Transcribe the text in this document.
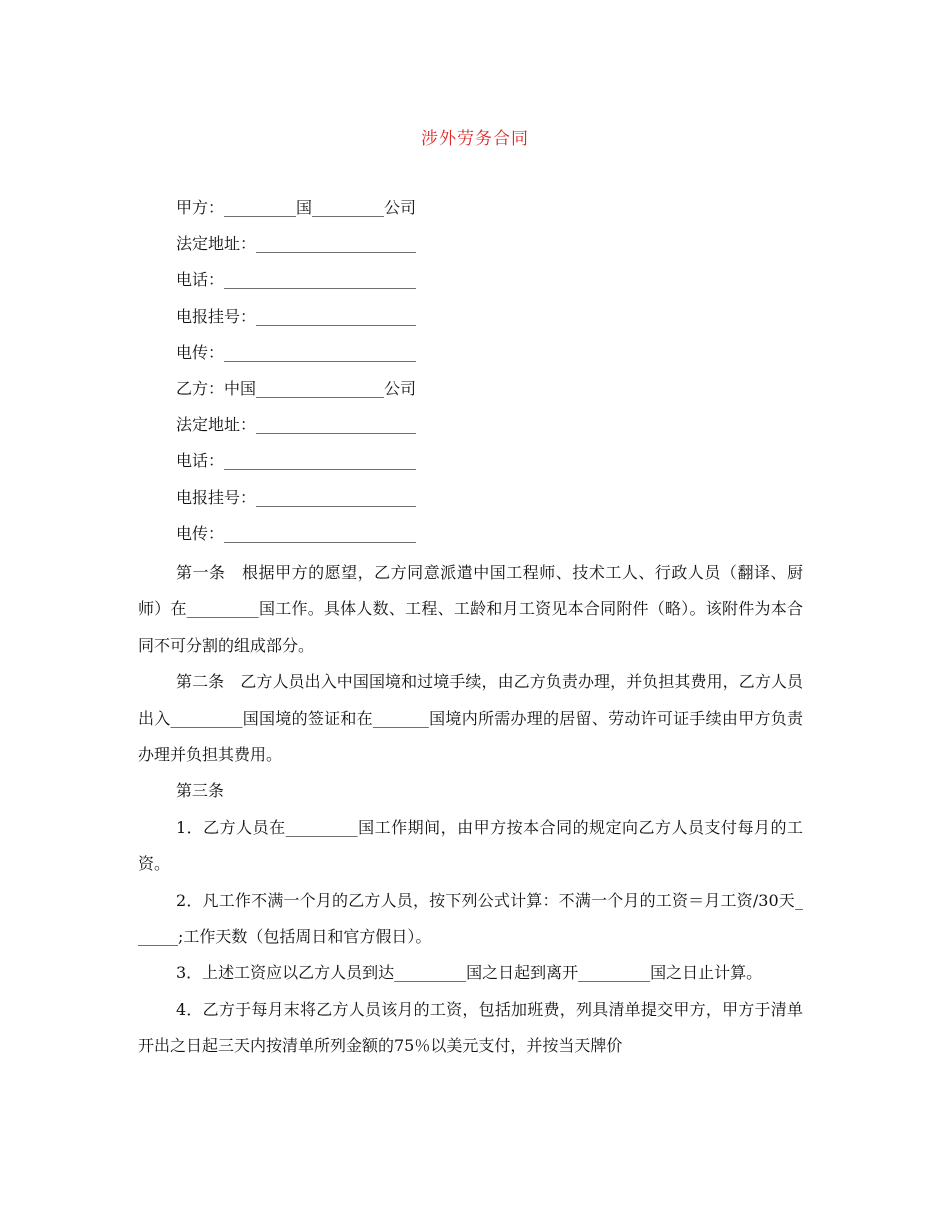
涉外劳务合同
甲方：_________国_________公司
法定地址：____________________
电话：________________________
电报挂号：____________________
电传：________________________
乙方：中国________________公司
法定地址：____________________
电话：________________________
电报挂号：____________________
电传：________________________

第一条　根据甲方的愿望，乙方同意派遣中国工程师、技术工人、行政人员（翻译、厨师）在_________国工作。具体人数、工程、工龄和月工资见本合同附件（略）。该附件为本合同不可分割的组成部分。

第二条　乙方人员出入中国国境和过境手续，由乙方负责办理，并负担其费用，乙方人员出入_________国国境的签证和在_______国境内所需办理的居留、劳动许可证手续由甲方负责办理并负担其费用。

第三条

1．乙方人员在_________国工作期间，由甲方按本合同的规定向乙方人员支付每月的工资。

2．凡工作不满一个月的乙方人员，按下列公式计算：不满一个月的工资＝月工资/30天______;工作天数（包括周日和官方假日）。

3．上述工资应以乙方人员到达_________国之日起到离开_________国之日止计算。

4．乙方于每月末将乙方人员该月的工资，包括加班费，列具清单提交甲方，甲方于清单开出之日起三天内按清单所列金额的75％以美元支付，并按当天牌价
